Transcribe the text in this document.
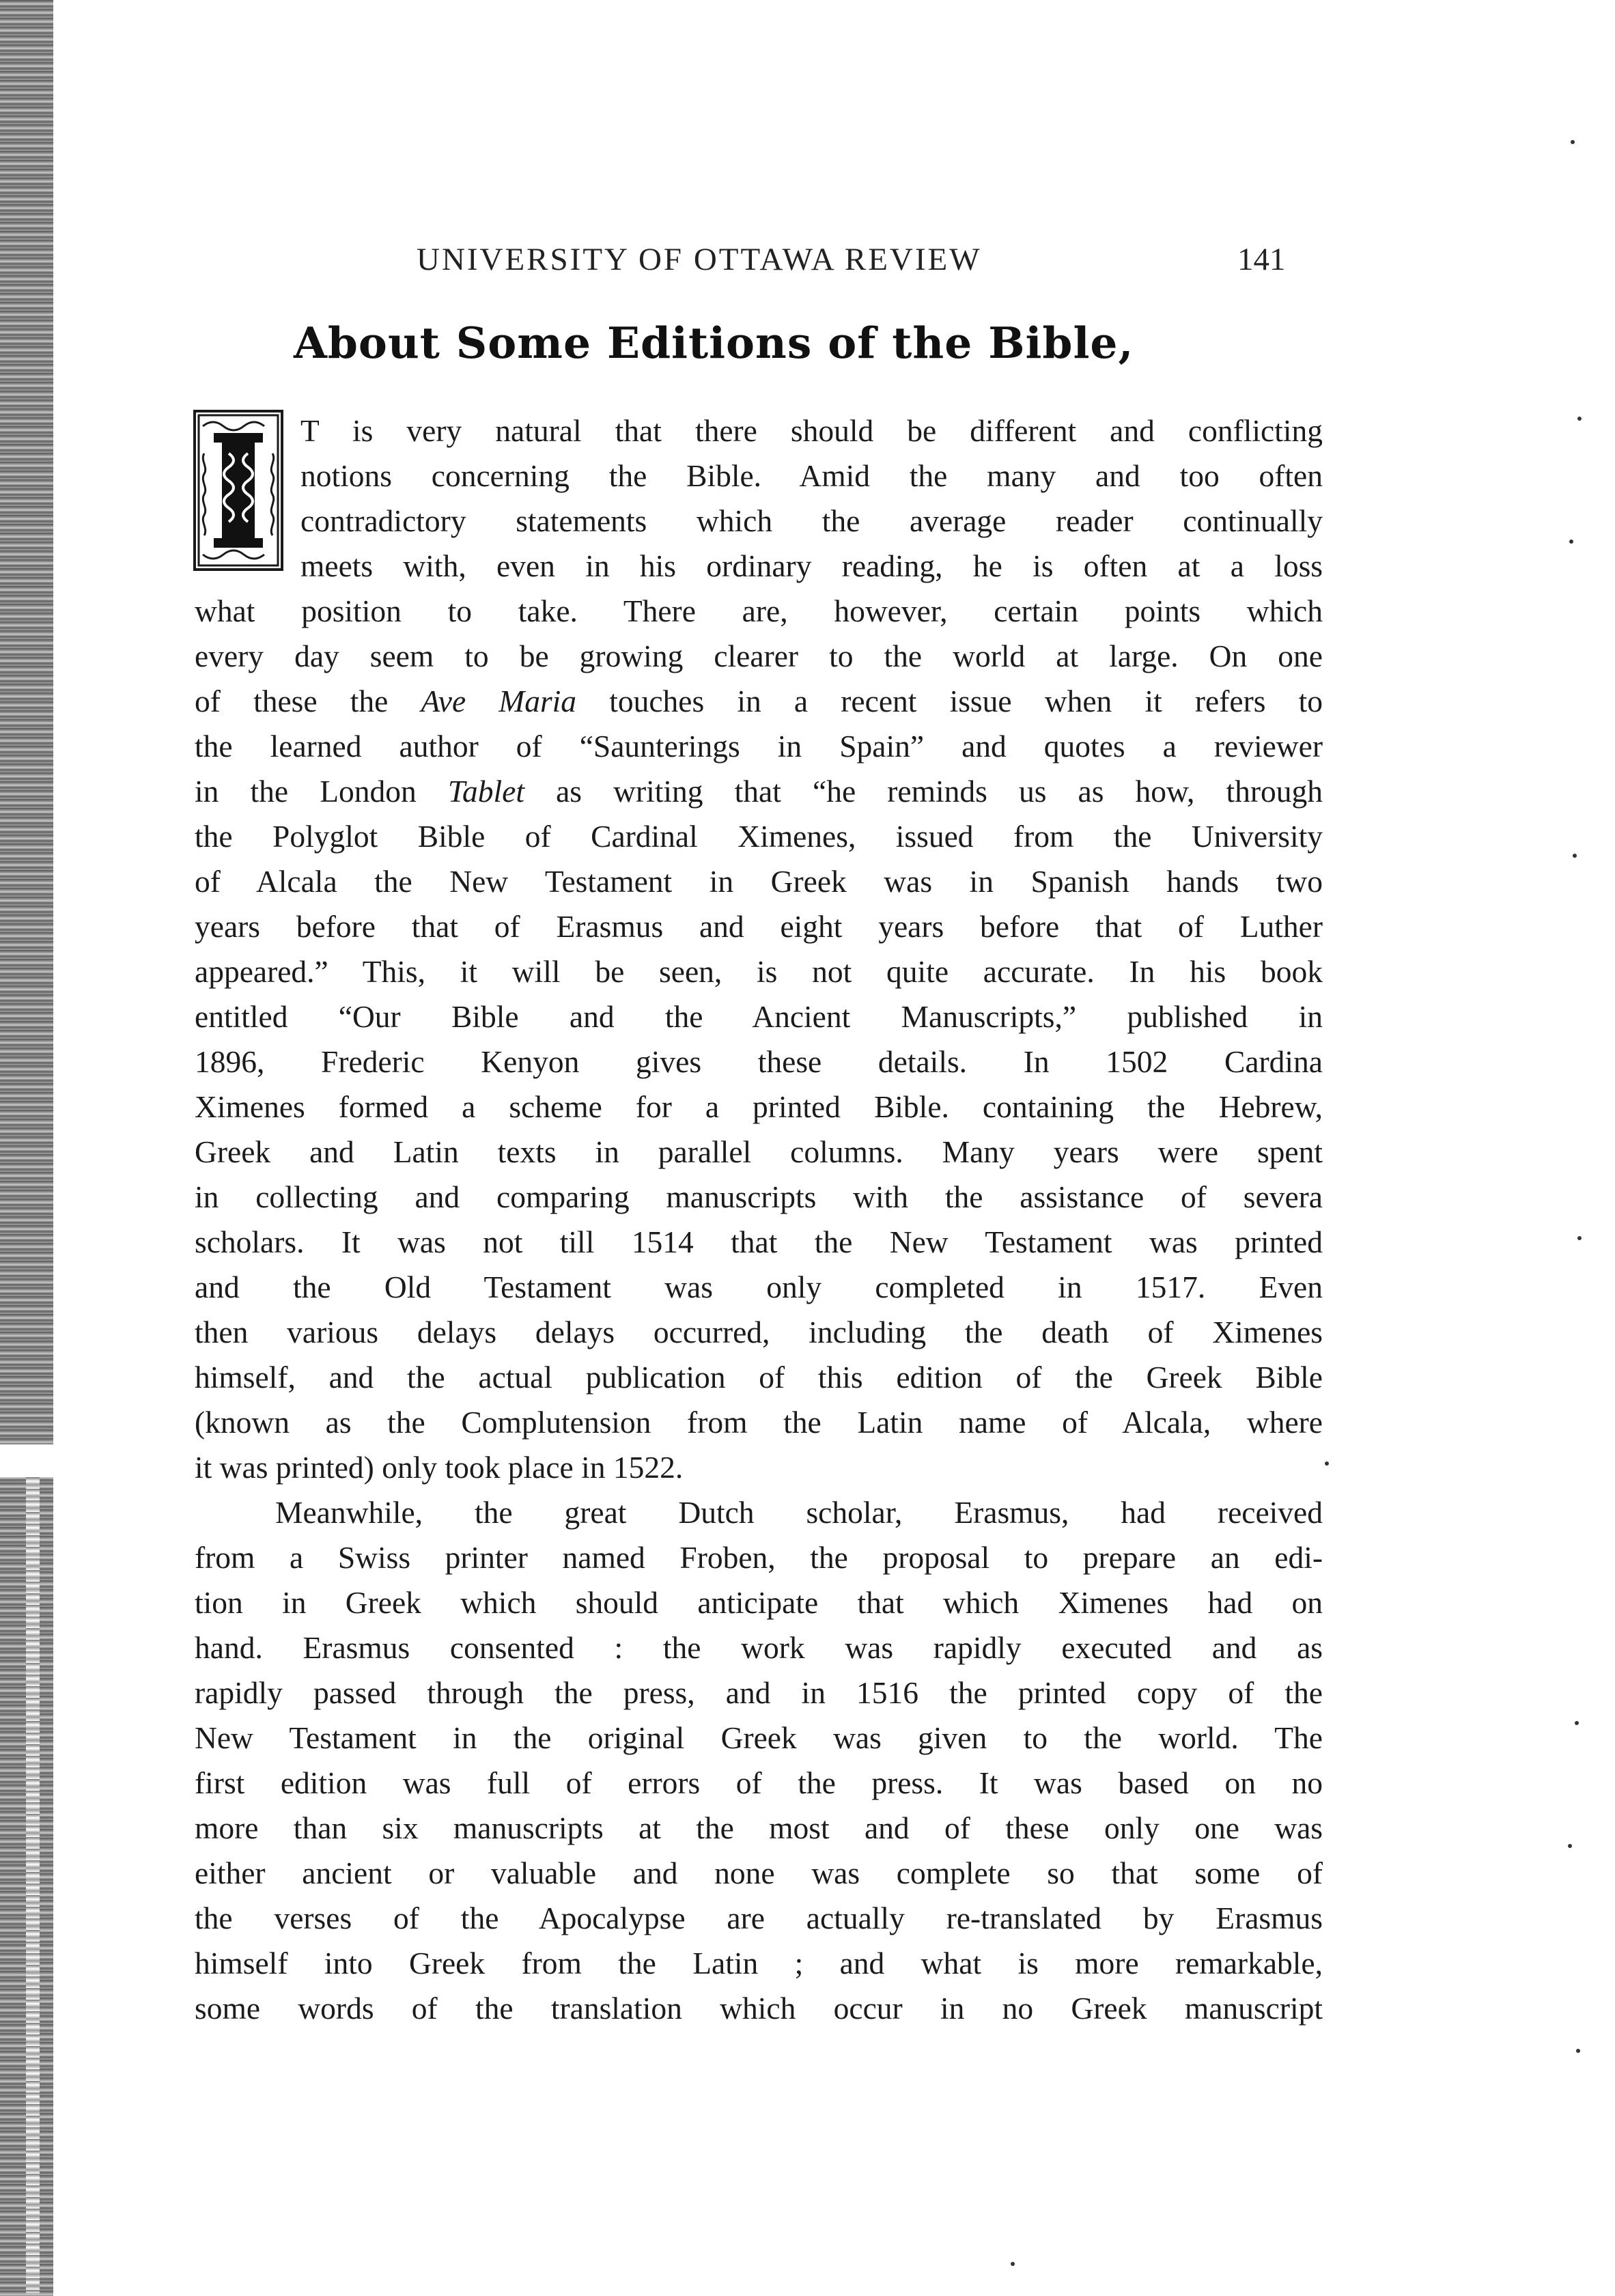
UNIVERSITY OF OTTAWA REVIEW	141
About Some Editions of the Bible,
T is very natural that there should be different and conflicting
notions concerning the Bible. Amid the many and too often
contradictory statements which the average reader continually
meets with, even in his ordinary reading, he is often at a loss
what position to take. There are, however, certain points which
every day seem to be growing clearer to the world at large. On one
of these the Ave Maria touches in a recent issue when it refers to
the learned author of “Saunterings in Spain” and quotes a reviewer
in the London Tablet as writing that “he reminds us as how, through
the Polyglot Bible of Cardinal Ximenes, issued from the University
of Alcala the New Testament in Greek was in Spanish hands two
years before that of Erasmus and eight years before that of Luther
appeared.” This, it will be seen, is not quite accurate. In his book
entitled “Our Bible and the Ancient Manuscripts,” published in
1896, Frederic Kenyon gives these details. In 1502 Cardina
Ximenes formed a scheme for a printed Bible. containing the Hebrew,
Greek and Latin texts in parallel columns. Many years were spent
in collecting and comparing manuscripts with the assistance of severa
scholars. It was not till 1514 that the New Testament was printed
and the Old Testament was only completed in 1517. Even
then various delays delays occurred, including the death of Ximenes
himself, and the actual publication of this edition of the Greek Bible
(known as the Complutension from the Latin name of Alcala, where
it was printed) only took place in 1522.
Meanwhile, the great Dutch scholar, Erasmus, had received
from a Swiss printer named Froben, the proposal to prepare an edi-
tion in Greek which should anticipate that which Ximenes had on
hand. Erasmus consented : the work was rapidly executed and as
rapidly passed through the press, and in 1516 the printed copy of the
New Testament in the original Greek was given to the world. The
first edition was full of errors of the press. It was based on no
more than six manuscripts at the most and of these only one was
either ancient or valuable and none was complete so that some of
the verses of the Apocalypse are actually re-translated by Erasmus
himself into Greek from the Latin ; and what is more remarkable,
some words of the translation which occur in no Greek manuscript
